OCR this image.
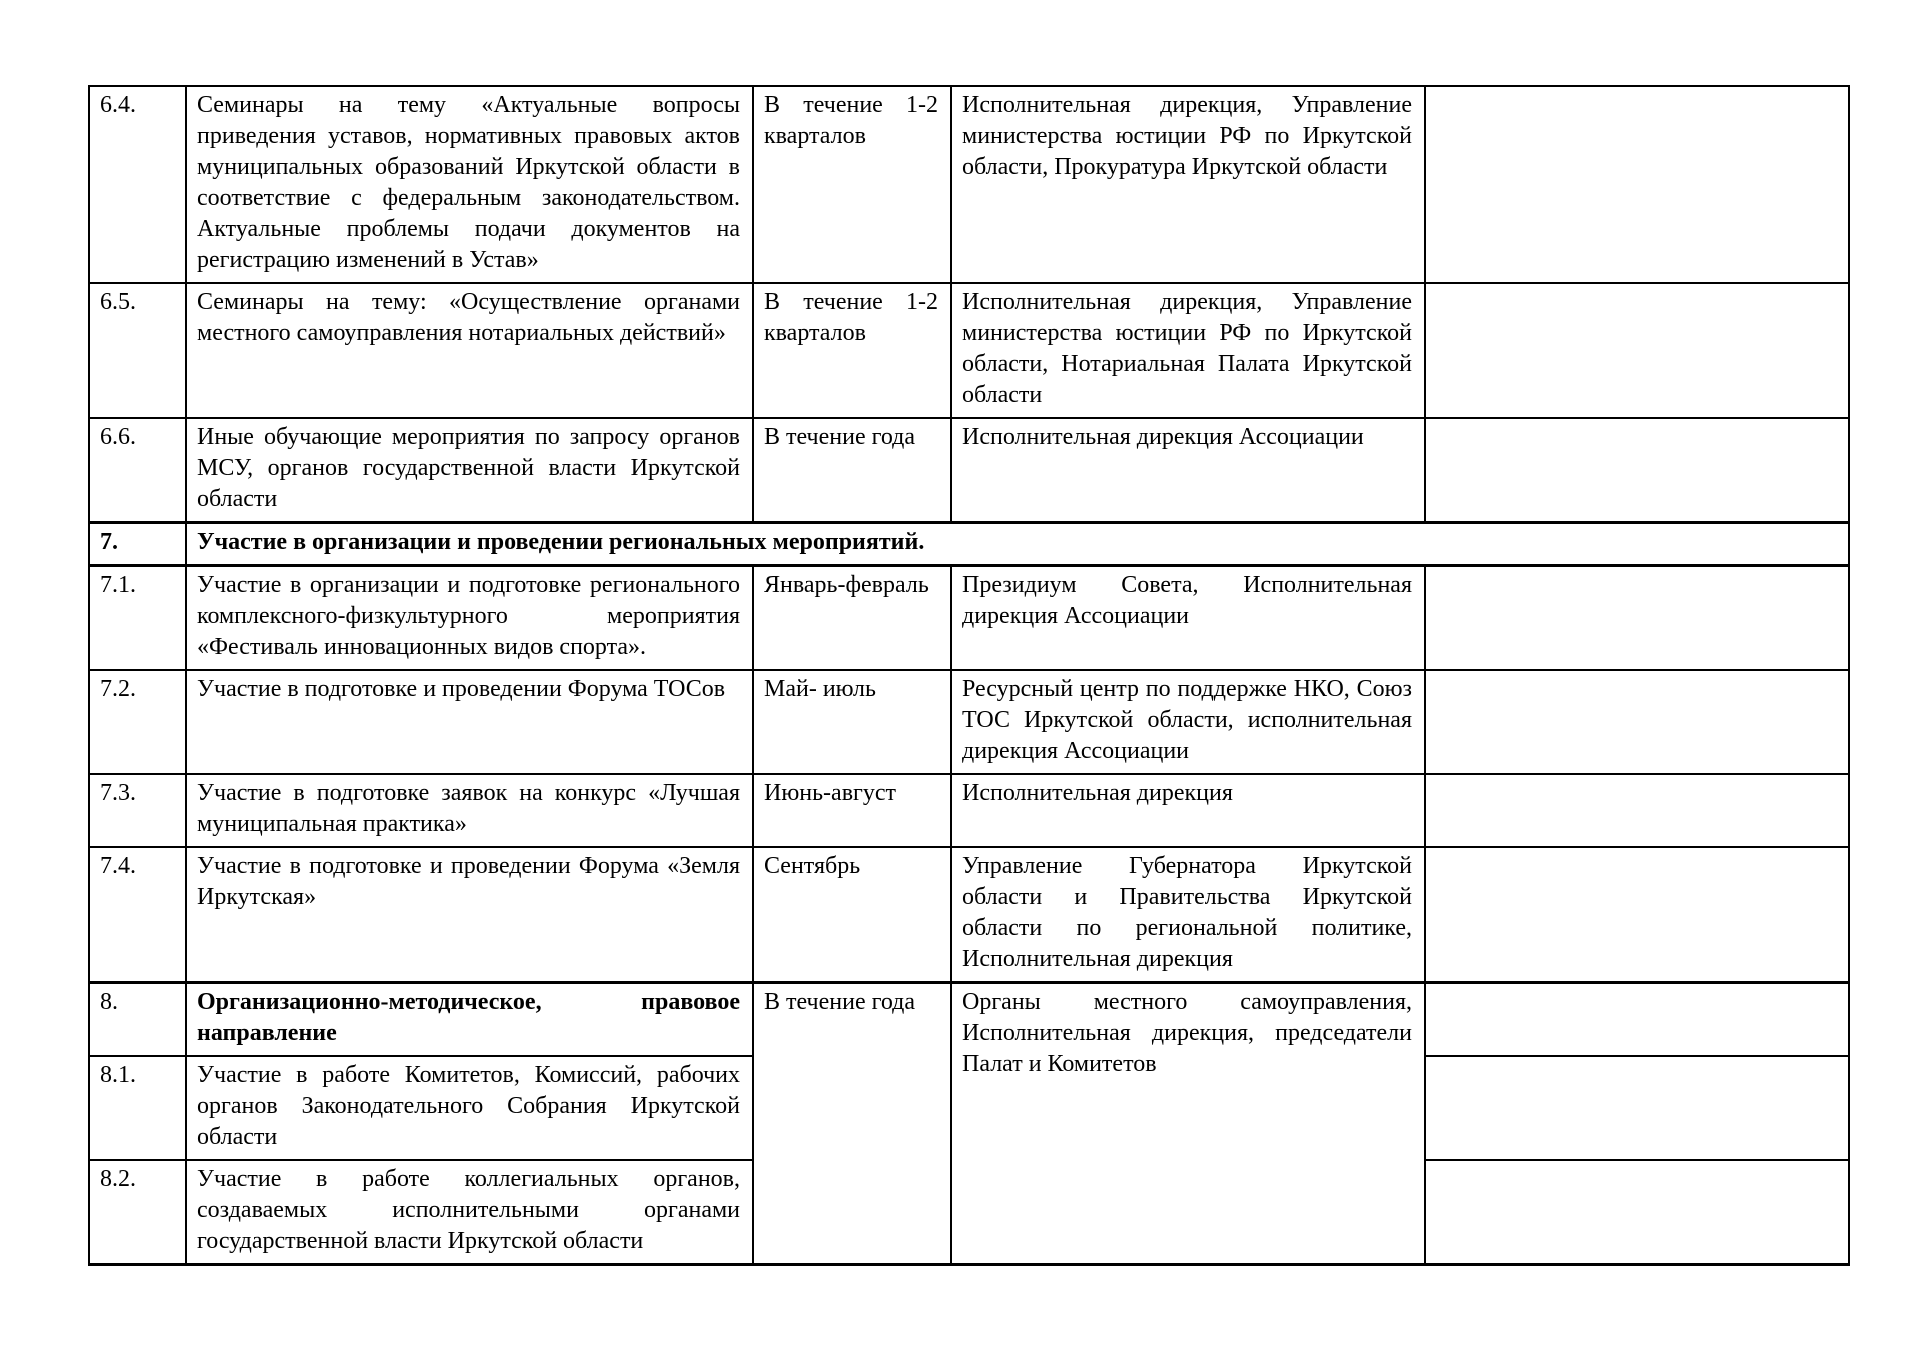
6.4.	Семинары на тему «Актуальные вопросы приведения уставов, нормативных правовых актов муниципальных образований Иркутской области в соответствие с федеральным законодательством. Актуальные проблемы подачи документов на регистрацию изменений в Устав»	В течение 1-2 кварталов	Исполнительная дирекция, Управление министерства юстиции РФ по Иркутской области, Прокуратура Иркутской области	
6.5.	Семинары на тему: «Осуществление органами местного самоуправления нотариальных действий»	В течение 1-2 кварталов	Исполнительная дирекция, Управление министерства юстиции РФ по Иркутской области, Нотариальная Палата Иркутской области	
6.6.	Иные обучающие мероприятия по запросу органов МСУ, органов государственной власти Иркутской области	В течение года	Исполнительная дирекция Ассоциации	
7.	Участие в организации и проведении региональных мероприятий.			
7.1.	Участие в организации и подготовке регионального комплексного-физкультурного мероприятия «Фестиваль инновационных видов спорта».	Январь-февраль	Президиум Совета, Исполнительная дирекция Ассоциации	
7.2.	Участие в подготовке и проведении Форума ТОСов	Май- июль	Ресурсный центр по поддержке НКО, Союз ТОС Иркутской области, исполнительная дирекция Ассоциации	
7.3.	Участие в подготовке заявок на конкурс «Лучшая муниципальная практика»	Июнь-август	Исполнительная дирекция	
7.4.	Участие в подготовке и проведении Форума «Земля Иркутская»	Сентябрь	Управление Губернатора Иркутской области и Правительства Иркутской области по региональной политике, Исполнительная дирекция	
8.	Организационно-методическое, правовое направление	В течение года	Органы местного самоуправления, Исполнительная дирекция, председатели Палат и Комитетов	
8.1.	Участие в работе Комитетов, Комиссий, рабочих органов Законодательного Собрания Иркутской области			
8.2.	Участие в работе коллегиальных органов, создаваемых исполнительными органами государственной власти Иркутской области			
